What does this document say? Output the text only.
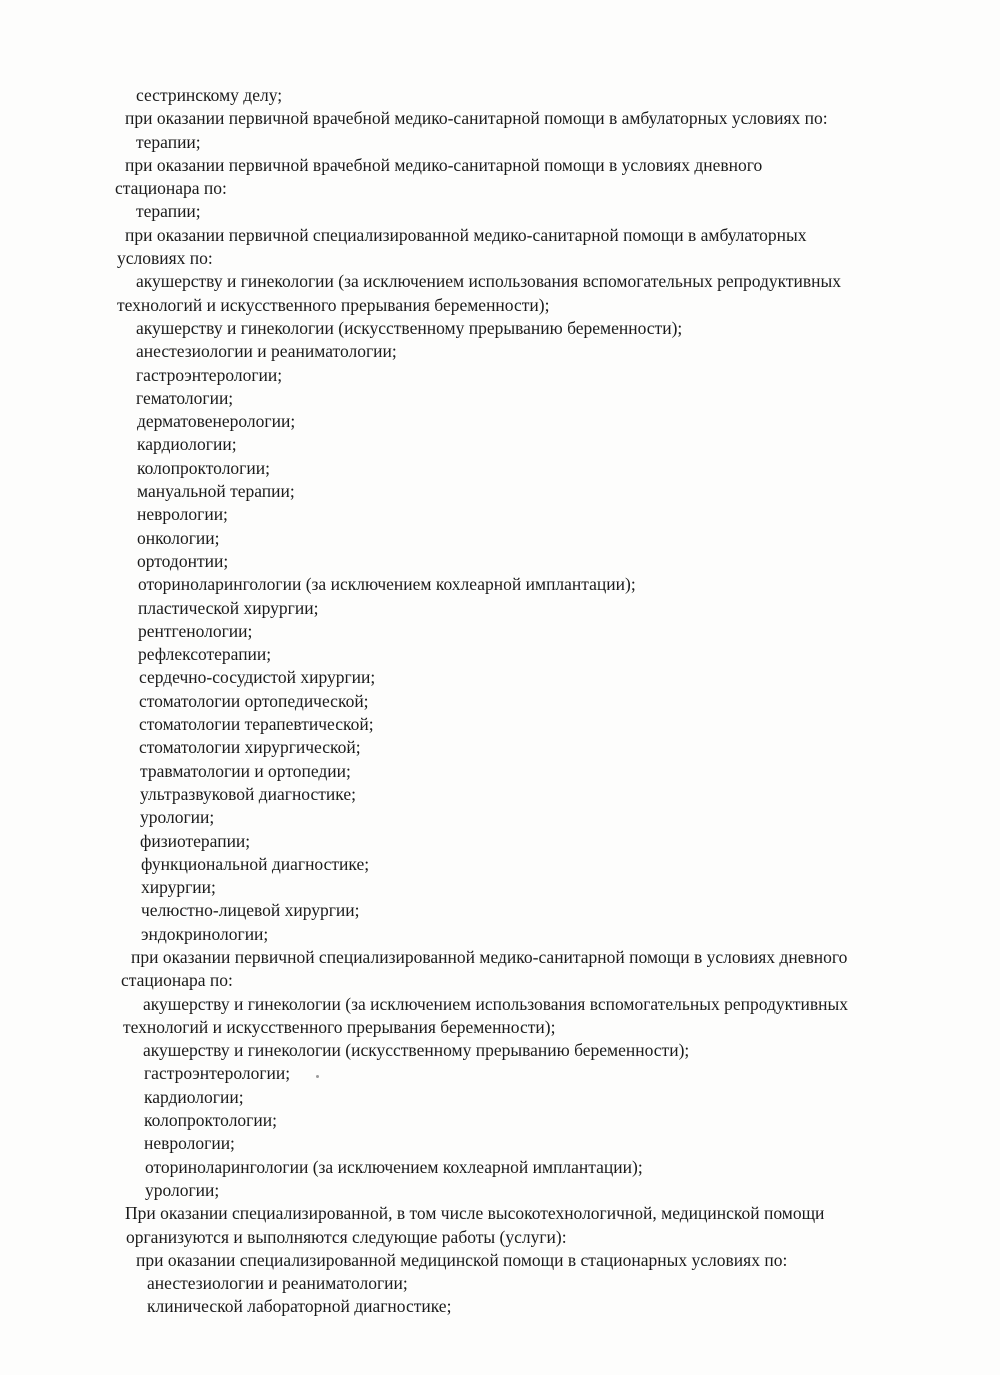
сестринскому делу;
при оказании первичной врачебной медико-санитарной помощи в амбулаторных условиях по:
терапии;
при оказании первичной врачебной медико-санитарной помощи в условиях дневного
стационара по:
терапии;
при оказании первичной специализированной медико-санитарной помощи в амбулаторных
условиях по:
акушерству и гинекологии (за исключением использования вспомогательных репродуктивных
технологий и искусственного прерывания беременности);
акушерству и гинекологии (искусственному прерыванию беременности);
анестезиологии и реаниматологии;
гастроэнтерологии;
гематологии;
дерматовенерологии;
кардиологии;
колопроктологии;
мануальной терапии;
неврологии;
онкологии;
ортодонтии;
оториноларингологии (за исключением кохлеарной имплантации);
пластической хирургии;
рентгенологии;
рефлексотерапии;
сердечно-сосудистой хирургии;
стоматологии ортопедической;
стоматологии терапевтической;
стоматологии хирургической;
травматологии и ортопедии;
ультразвуковой диагностике;
урологии;
физиотерапии;
функциональной диагностике;
хирургии;
челюстно-лицевой хирургии;
эндокринологии;
при оказании первичной специализированной медико-санитарной помощи в условиях дневного
стационара по:
акушерству и гинекологии (за исключением использования вспомогательных репродуктивных
технологий и искусственного прерывания беременности);
акушерству и гинекологии (искусственному прерыванию беременности);
гастроэнтерологии;
кардиологии;
колопроктологии;
неврологии;
оториноларингологии (за исключением кохлеарной имплантации);
урологии;
При оказании специализированной, в том числе высокотехнологичной, медицинской помощи
организуются и выполняются следующие работы (услуги):
при оказании специализированной медицинской помощи в стационарных условиях по:
анестезиологии и реаниматологии;
клинической лабораторной диагностике;
